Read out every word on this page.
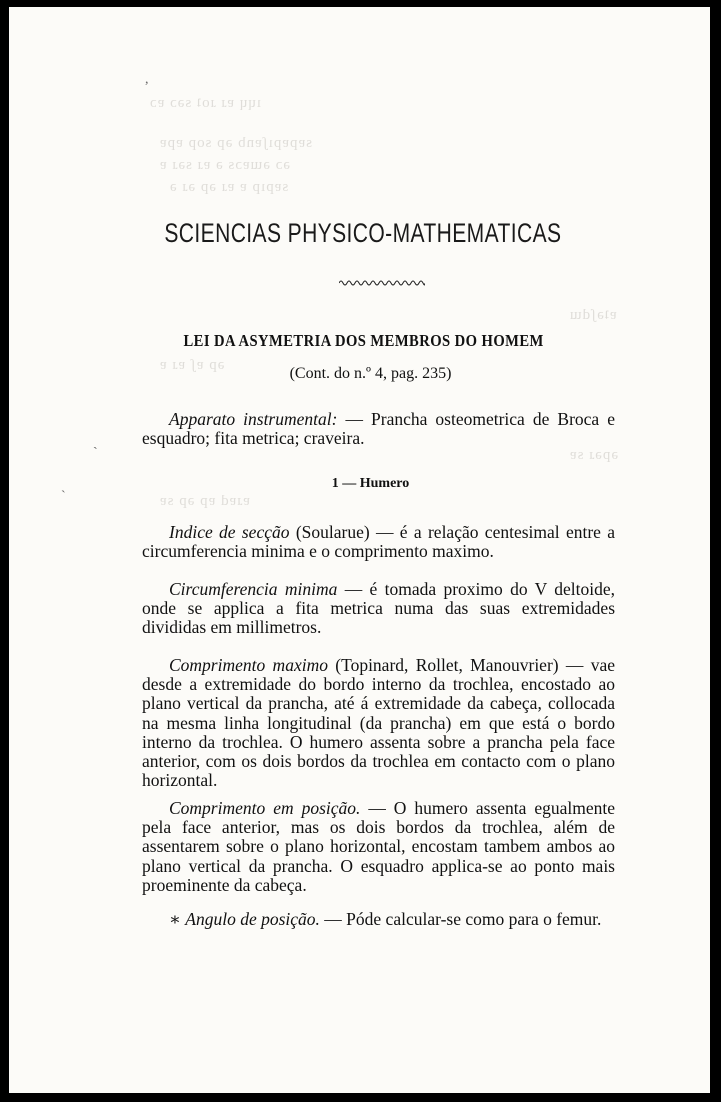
ıɥɥ ɐɹ ɹoʇ sǝɔ ɐɔ
sɐpɐpıʃɐnb ǝp sop ɐpɐ
ǝɔ ǝɯɐɔs ǝ ɐɹ sǝɹ ɐ
sɐpıp ɐ ɐɹ ǝp ǝɹ ǝ
ɐʇǝʃdɯ
ǝp ɐʃ ɐɹ ɐ
ǝpǝɹ sɐ
ɐɹɐd ɐp ǝp sɐ
SCIENCIAS PHYSICO-MATHEMATICAS
LEI DA ASYMETRIA DOS MEMBROS DO HOMEM
(Cont. do n.º 4, pag. 235)
Apparato instrumental: — Prancha osteometrica de Broca e esquadro; fita metrica; craveira.
1 — Humero
Indice de secção (Soularue) — é a relação centesimal entre a circumferencia minima e o comprimento maximo.
Circumferencia minima — é tomada proximo do V deltoide, onde se applica a fita metrica numa das suas extremidades divididas em millimetros.
Comprimento maximo (Topinard, Rollet, Manouvrier) — vae desde a extremidade do bordo interno da trochlea, encostado ao plano vertical da prancha, até á extremidade da cabeça, collocada na mesma linha longitudinal (da prancha) em que está o bordo interno da trochlea. O humero assenta sobre a prancha pela face anterior, com os dois bordos da trochlea em contacto com o plano horizontal.
Comprimento em posição. — O humero assenta egualmente pela face anterior, mas os dois bordos da trochlea, além de assentarem sobre o plano horizontal, encostam tambem ambos ao plano vertical da prancha. O esquadro applica-se ao ponto mais proeminente da cabeça.
∗ Angulo de posição. — Póde calcular-se como para o femur.
,
ˏ
ˋ
